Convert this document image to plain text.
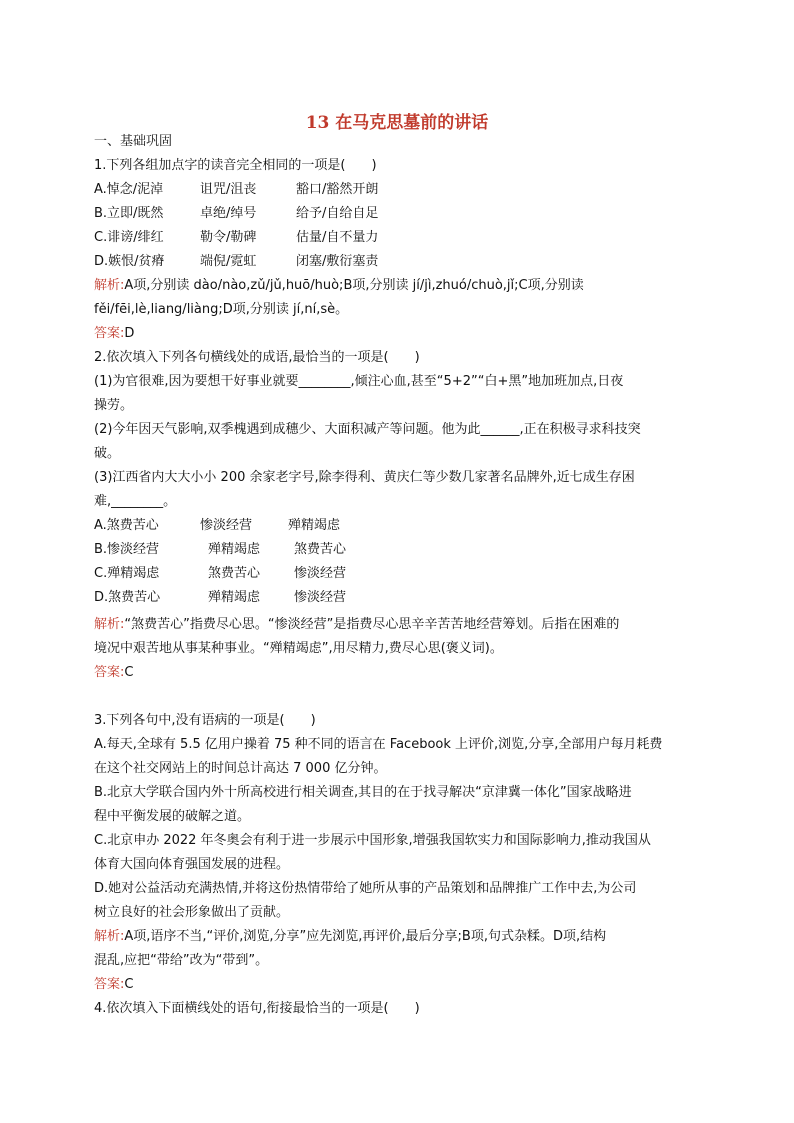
13 在马克思墓前的讲话
一、基础巩固
1.下列各组加点字的读音完全相同的一项是(　　)
A.悼念/泥淖	诅咒/沮丧	豁口/豁然开朗
B.立即/既然	卓绝/绰号	给予/自给自足
C.诽谤/绯红	勒令/勒碑	估量/自不量力
D.嫉恨/贫瘠	端倪/霓虹	闭塞/敷衍塞责
解析:A项,分别读 dào/nào,zǔ/jǔ,huō/huò;B项,分别读 jí/jì,zhuó/chuò,jǐ;C项,分别读
fěi/fēi,lè,liang/liàng;D项,分别读 jí,ní,sè。
答案:D
2.依次填入下列各句横线处的成语,最恰当的一项是(　　)
(1)为官很难,因为要想干好事业就要________,倾注心血,甚至“5+2”“白+黑”地加班加点,日夜
操劳。
(2)今年因天气影响,双季槐遇到成穗少、大面积减产等问题。他为此______,正在积极寻求科技突
破。
(3)江西省内大大小小 200 余家老字号,除李得利、黄庆仁等少数几家著名品牌外,近七成生存困
难,________。
A.煞费苦心	惨淡经营	殚精竭虑
B.惨淡经营	殚精竭虑	煞费苦心
C.殚精竭虑	煞费苦心	惨淡经营
D.煞费苦心	殚精竭虑	惨淡经营
解析:“煞费苦心”指费尽心思。“惨淡经营”是指费尽心思辛辛苦苦地经营筹划。后指在困难的
境况中艰苦地从事某种事业。“殚精竭虑”,用尽精力,费尽心思(褒义词)。
答案:C
3.下列各句中,没有语病的一项是(　　)
A.每天,全球有 5.5 亿用户操着 75 种不同的语言在 Facebook 上评价,浏览,分享,全部用户每月耗费
在这个社交网站上的时间总计高达 7 000 亿分钟。
B.北京大学联合国内外十所高校进行相关调查,其目的在于找寻解决“京津冀一体化”国家战略进
程中平衡发展的破解之道。
C.北京申办 2022 年冬奥会有利于进一步展示中国形象,增强我国软实力和国际影响力,推动我国从
体育大国向体育强国发展的进程。
D.她对公益活动充满热情,并将这份热情带给了她所从事的产品策划和品牌推广工作中去,为公司
树立良好的社会形象做出了贡献。
解析:A项,语序不当,“评价,浏览,分享”应先浏览,再评价,最后分享;B项,句式杂糅。D项,结构
混乱,应把“带给”改为“带到”。
答案:C
4.依次填入下面横线处的语句,衔接最恰当的一项是(　　)
